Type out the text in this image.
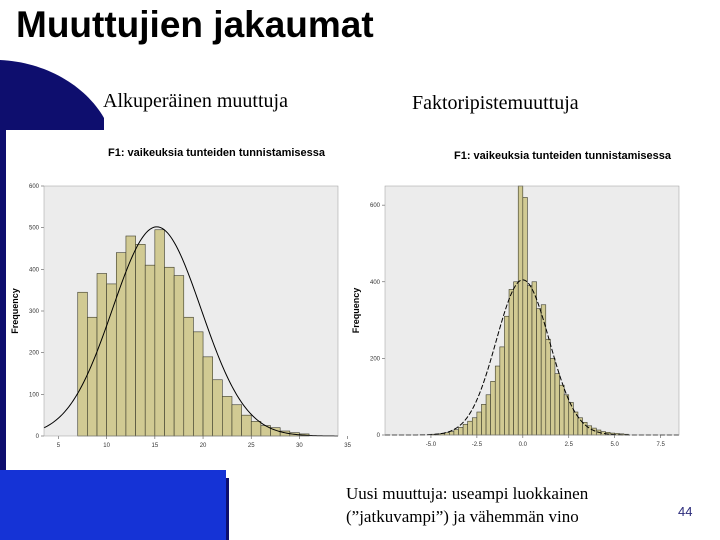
Muuttujien jakaumat
Alkuperäinen muuttuja	Faktoripistemuuttuja
F1: vaikeuksia tunteiden tunnistamisessa
Frequency
0
100
200
300
400
500
600
5	10	15	20	25	30	35
F1: vaikeuksia tunteiden tunnistamisessa
Frequency
0
200
400
600
-5.0	-2.5	0.0	2.5	5.0	7.5
Uusi muuttuja: useampi luokkainen
(”jatkuvampi”) ja vähemmän vino	44
